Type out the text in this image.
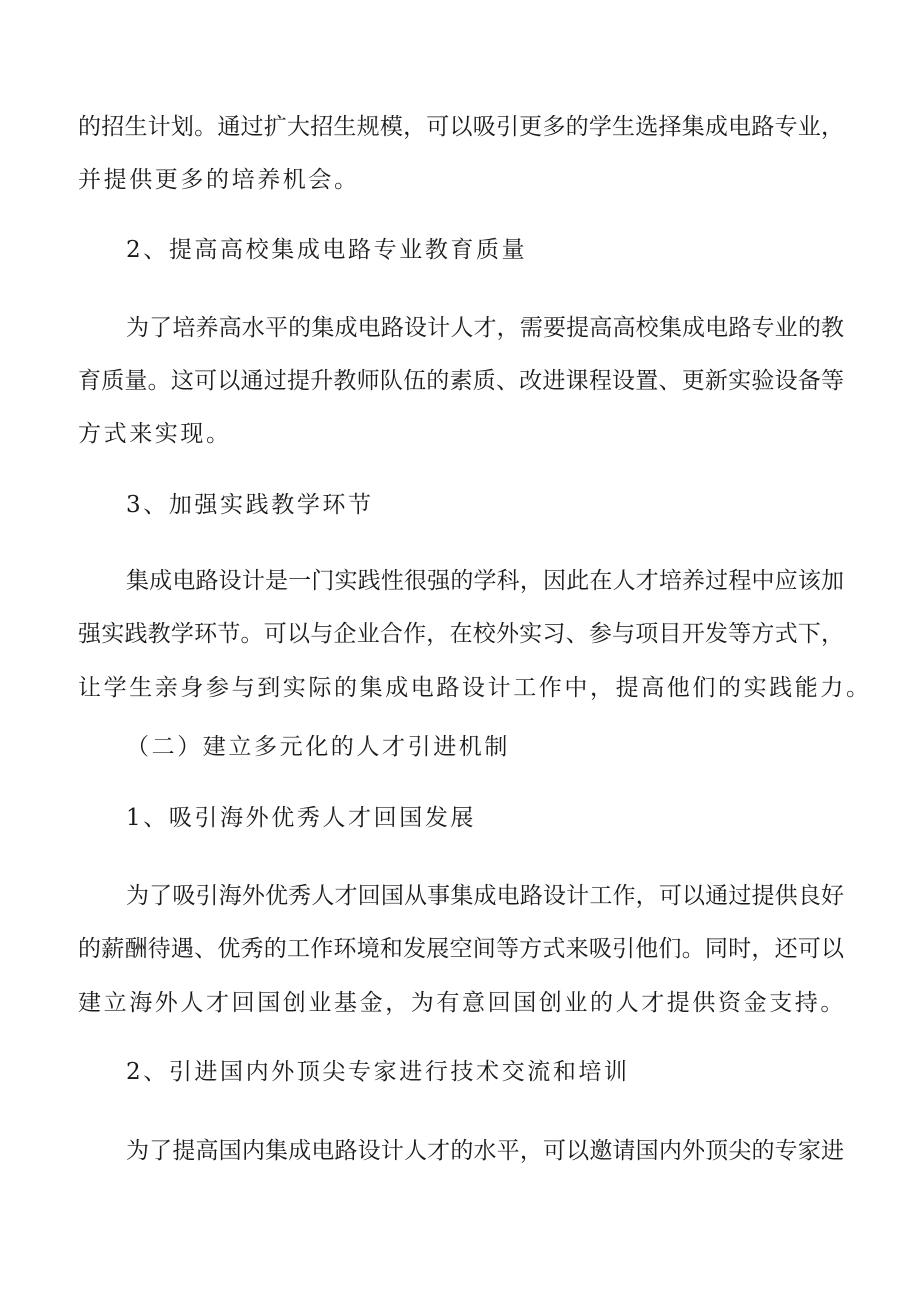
的招生计划。通过扩大招生规模，可以吸引更多的学生选择集成电路专业，
并提供更多的培养机会。
2、提高高校集成电路专业教育质量
为了培养高水平的集成电路设计人才，需要提高高校集成电路专业的教
育质量。这可以通过提升教师队伍的素质、改进课程设置、更新实验设备等
方式来实现。
3、加强实践教学环节
集成电路设计是一门实践性很强的学科，因此在人才培养过程中应该加
强实践教学环节。可以与企业合作，在校外实习、参与项目开发等方式下，
让学生亲身参与到实际的集成电路设计工作中，提高他们的实践能力。
（二）建立多元化的人才引进机制
1、吸引海外优秀人才回国发展
为了吸引海外优秀人才回国从事集成电路设计工作，可以通过提供良好
的薪酬待遇、优秀的工作环境和发展空间等方式来吸引他们。同时，还可以
建立海外人才回国创业基金，为有意回国创业的人才提供资金支持。
2、引进国内外顶尖专家进行技术交流和培训
为了提高国内集成电路设计人才的水平，可以邀请国内外顶尖的专家进
